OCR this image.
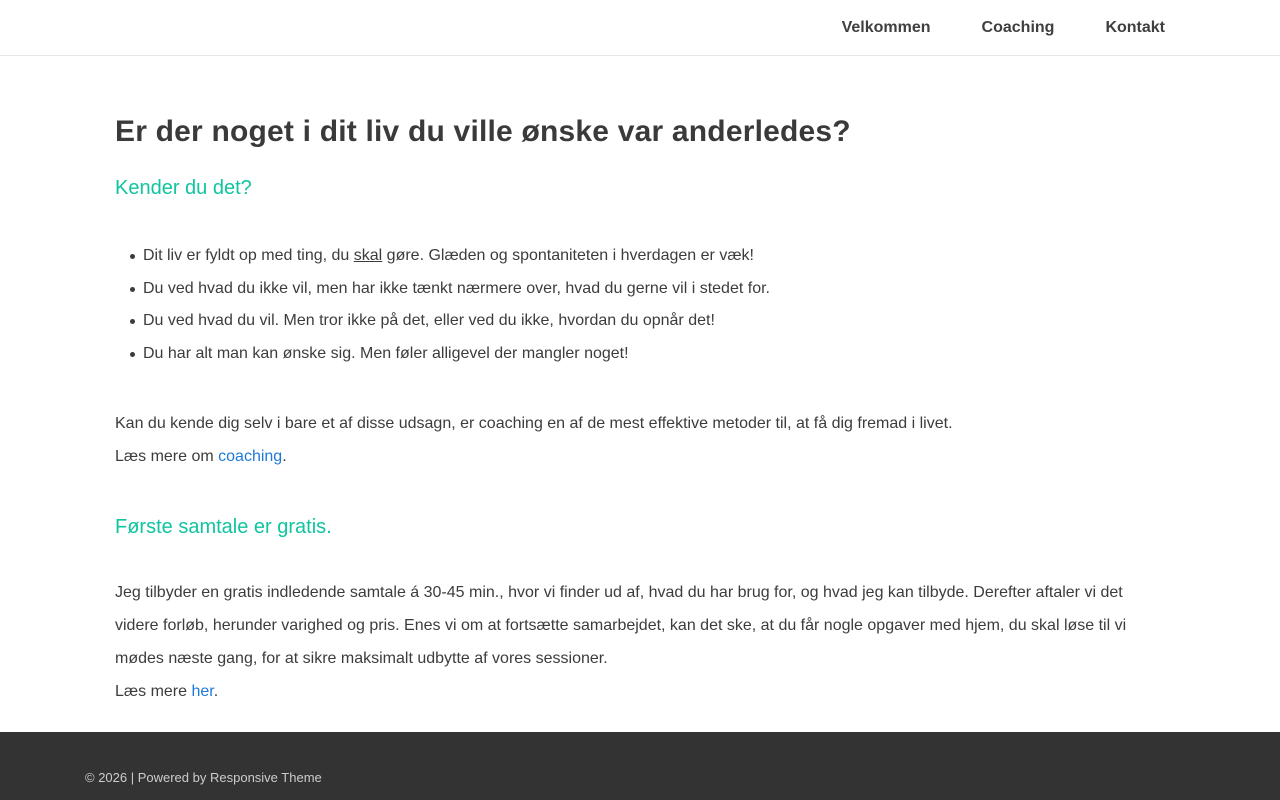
Velkommen	Coaching	Kontakt
Er der noget i dit liv du ville ønske var anderledes?
Kender du det?
Dit liv er fyldt op med ting, du skal gøre. Glæden og spontaniteten i hverdagen er væk!
Du ved hvad du ikke vil, men har ikke tænkt nærmere over, hvad du gerne vil i stedet for.
Du ved hvad du vil. Men tror ikke på det, eller ved du ikke, hvordan du opnår det!
Du har alt man kan ønske sig. Men føler alligevel der mangler noget!

Kan du kende dig selv i bare et af disse udsagn, er coaching en af de mest effektive metoder til, at få dig fremad i livet.

Læs mere om coaching.

Første samtale er gratis.

Jeg tilbyder en gratis indledende samtale á 30-45 min., hvor vi finder ud af, hvad du har brug for, og hvad jeg kan tilbyde. Derefter aftaler vi det videre forløb, herunder varighed og pris. Enes vi om at fortsætte samarbejdet, kan det ske, at du får nogle opgaver med hjem, du skal løse til vi mødes næste gang, for at sikre maksimalt udbytte af vores sessioner.

Læs mere her.

© 2026 | Powered by Responsive Theme
